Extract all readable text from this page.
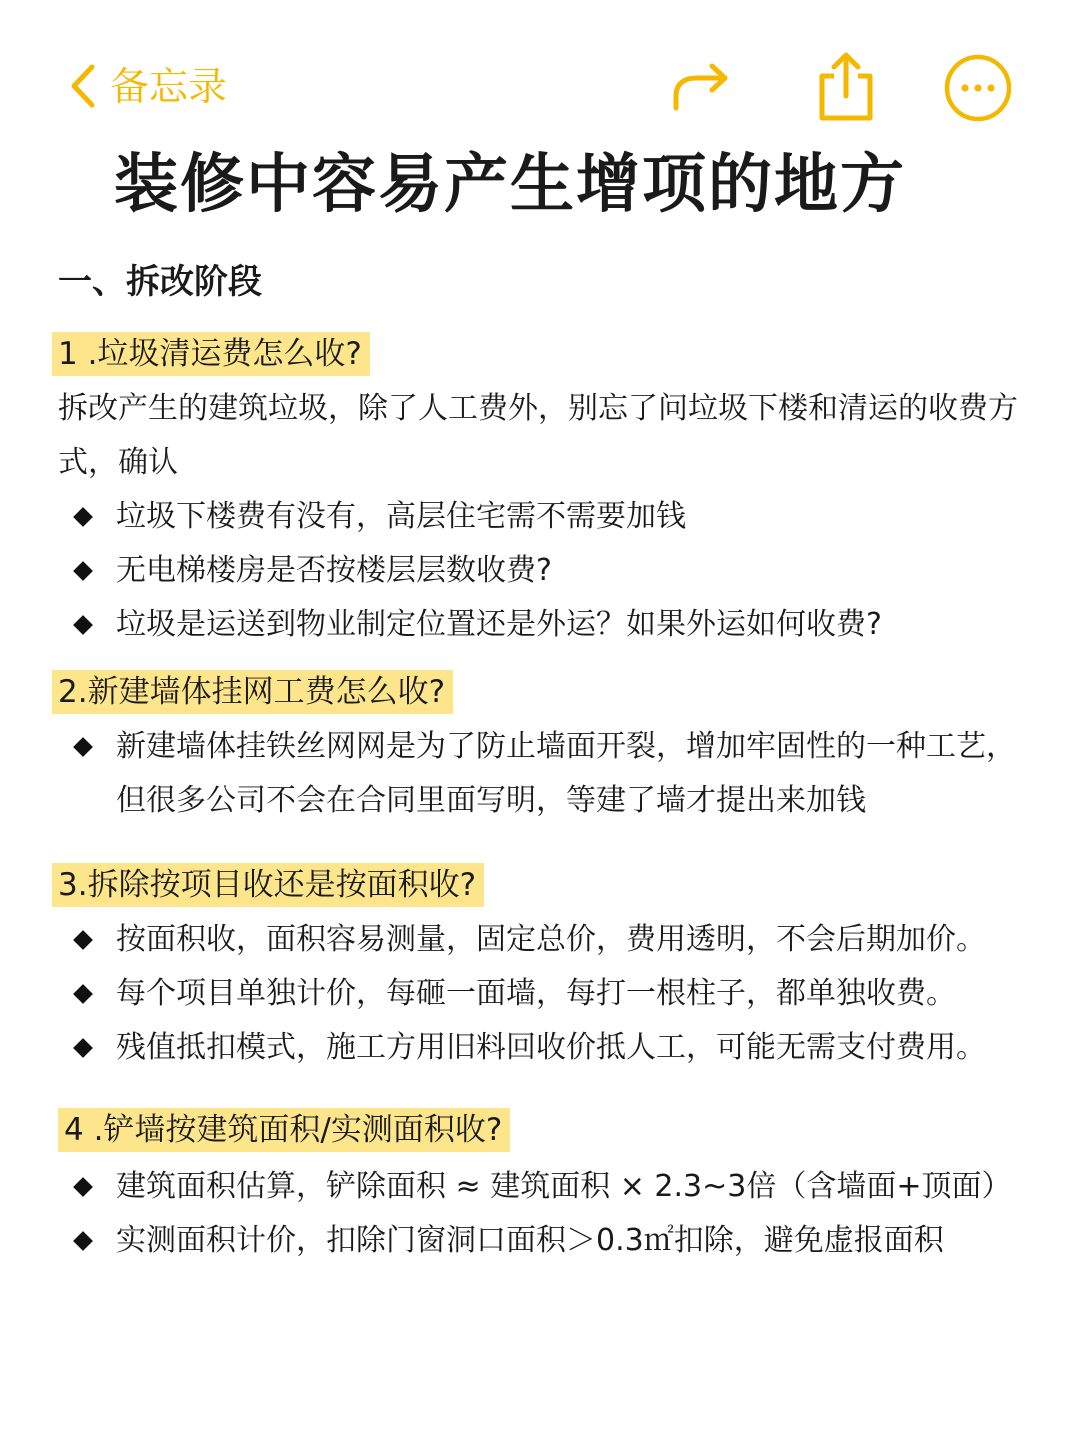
备忘录
装修中容易产生增项的地方
一、拆改阶段
1 .垃圾清运费怎么收?
拆改产生的建筑垃圾，除了人工费外，别忘了问垃圾下楼和清运的收费方式，确认
垃圾下楼费有没有，高层住宅需不需要加钱
无电梯楼房是否按楼层层数收费?
垃圾是运送到物业制定位置还是外运？如果外运如何收费?
2.新建墙体挂网工费怎么收?
新建墙体挂铁丝网网是为了防止墙面开裂，增加牢固性的一种工艺，但很多公司不会在合同里面写明，等建了墙才提出来加钱
3.拆除按项目收还是按面积收?
按面积收，面积容易测量，固定总价，费用透明，不会后期加价。
每个项目单独计价，每砸一面墙，每打一根柱子，都单独收费。
残值抵扣模式，施工方用旧料回收价抵人工，可能无需支付费用。
4 .铲墙按建筑面积/实测面积收?
建筑面积估算，铲除面积 ≈ 建筑面积 × 2.3~3倍（含墙面+顶面）
实测面积计价，扣除门窗洞口面积＞0.3㎡扣除，避免虚报面积
